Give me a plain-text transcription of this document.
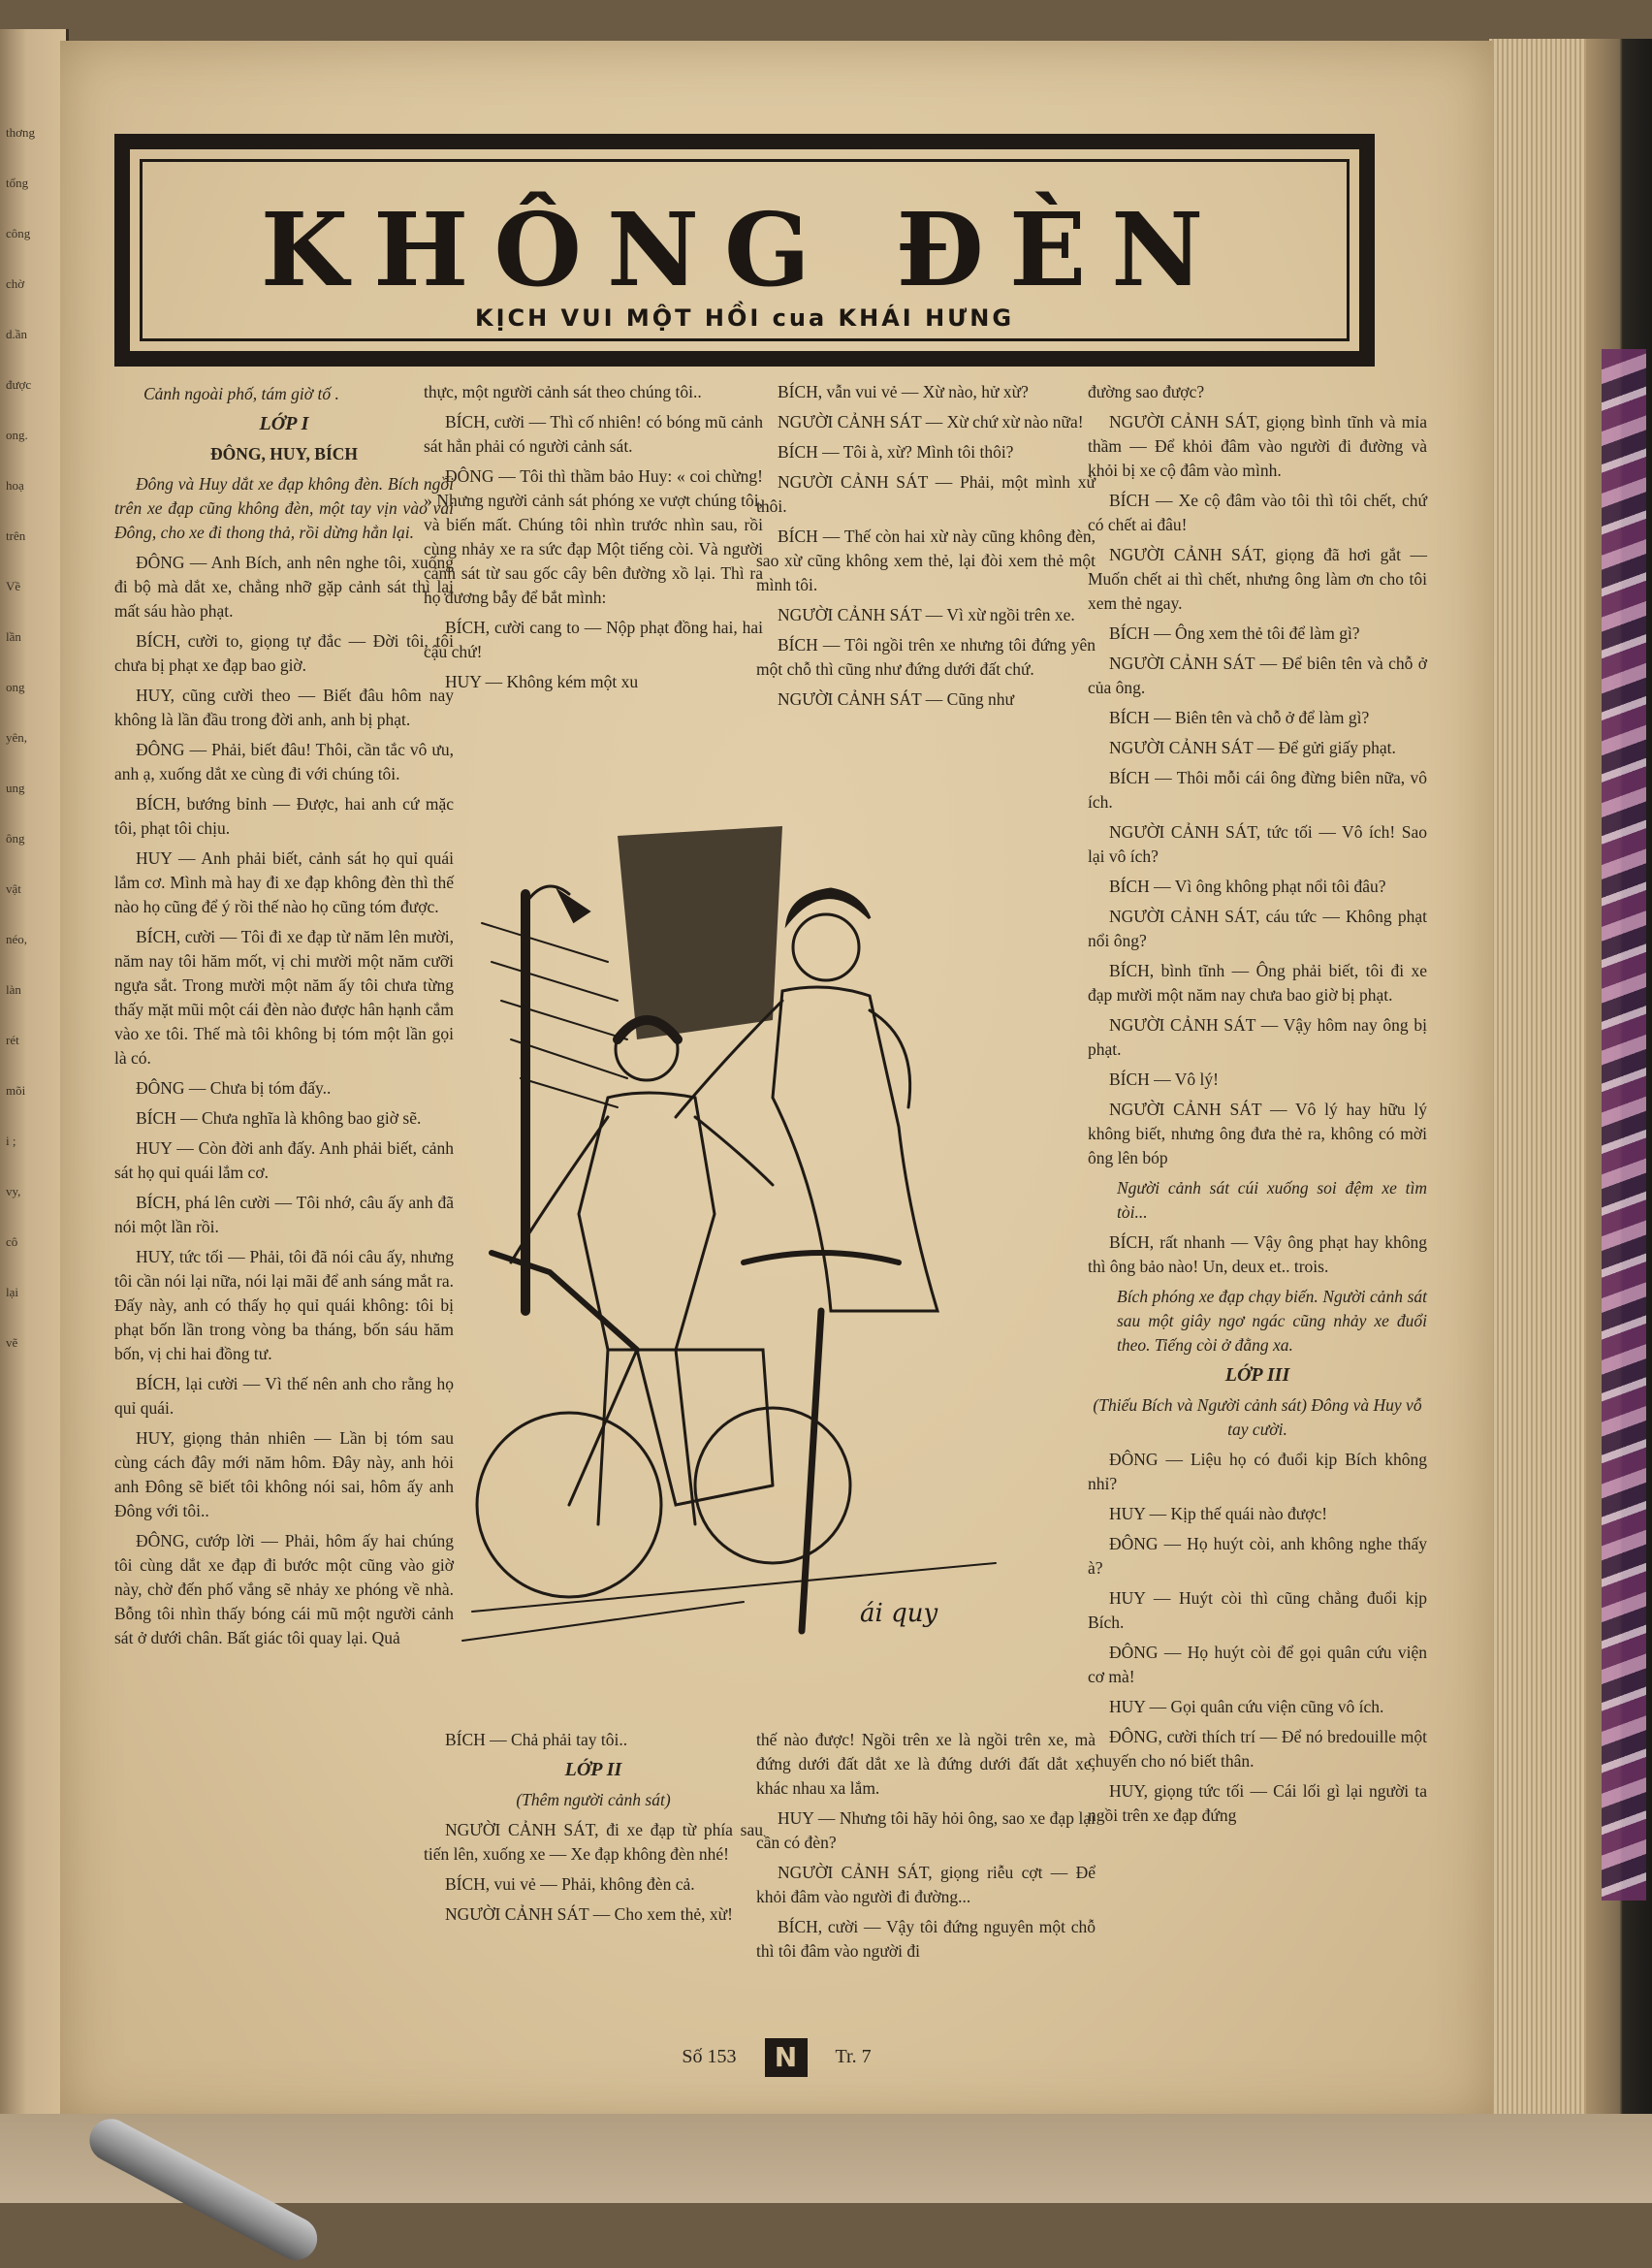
thơng
tổng
công
chờ
d.ần
được
ong.
hoạ
trên
Về
lần
ong
yên,
ung
ông
vật
néo,
làn
rét
mõi
i ;
vy,
cô
lại
vẽ
KHÔNG ĐÈN
KỊCH VUI MỘT HỒI cua KHÁI HƯNG

Cảnh ngoài phố, tám giờ tố .

LỚP I

ĐÔNG, HUY, BÍCH

Đông và Huy dắt xe đạp không đèn. Bích ngồi trên xe đạp cũng không đèn, một tay vịn vào vai Đông, cho xe đi thong thả, rồi dừng hẳn lại.

ĐÔNG — Anh Bích, anh nên nghe tôi, xuống đi bộ mà dắt xe, chẳng nhỡ gặp cảnh sát thì lại mất sáu hào phạt.

BÍCH, cười to, giọng tự đắc — Đời tôi, tôi chưa bị phạt xe đạp bao giờ.

HUY, cũng cười theo — Biết đâu hôm nay không là lần đầu trong đời anh, anh bị phạt.

ĐÔNG — Phải, biết đâu! Thôi, cần tắc vô ưu, anh ạ, xuống dắt xe cùng đi với chúng tôi.

BÍCH, bướng bỉnh — Được, hai anh cứ mặc tôi, phạt tôi chịu.

HUY — Anh phải biết, cảnh sát họ quỉ quái lắm cơ. Mình mà hay đi xe đạp không đèn thì thế nào họ cũng để ý rồi thế nào họ cũng tóm được.

BÍCH, cười — Tôi đi xe đạp từ năm lên mười, năm nay tôi hăm mốt, vị chi mười một năm cưỡi ngựa sắt. Trong mười một năm ấy tôi chưa từng thấy mặt mũi một cái đèn nào được hân hạnh cắm vào xe tôi. Thế mà tôi không bị tóm một lần gọi là có.

ĐÔNG — Chưa bị tóm đấy..

BÍCH — Chưa nghĩa là không bao giờ sẽ.

HUY — Còn đời anh đấy. Anh phải biết, cảnh sát họ quỉ quái lắm cơ.

BÍCH, phá lên cười — Tôi nhớ, câu ấy anh đã nói một lần rồi.

HUY, tức tối — Phải, tôi đã nói câu ấy, nhưng tôi cần nói lại nữa, nói lại mãi để anh sáng mắt ra. Đấy này, anh có thấy họ quỉ quái không: tôi bị phạt bốn lần trong vòng ba tháng, bốn sáu hăm bốn, vị chi hai đồng tư.

BÍCH, lại cười — Vì thế nên anh cho rằng họ quỉ quái.

HUY, giọng thản nhiên — Lần bị tóm sau cùng cách đây mới năm hôm. Đây này, anh hỏi anh Đông sẽ biết tôi không nói sai, hôm ấy anh Đông với tôi..

ĐÔNG, cướp lời — Phải, hôm ấy hai chúng tôi cùng dắt xe đạp đi bước một cũng vào giờ này, chờ đến phố vắng sẽ nhảy xe phóng về nhà. Bỗng tôi nhìn thấy bóng cái mũ một người cảnh sát ở dưới chân. Bất giác tôi quay lại. Quả

thực, một người cảnh sát theo chúng tôi..

BÍCH, cười — Thì cố nhiên! có bóng mũ cảnh sát hẳn phải có người cảnh sát.

ĐÔNG — Tôi thì thầm bảo Huy: « coi chừng! » Nhưng người cảnh sát phóng xe vượt chúng tôi, và biến mất. Chúng tôi nhìn trước nhìn sau, rồi cùng nhảy xe ra sức đạp Một tiếng còi. Và người cảnh sát từ sau gốc cây bên đường xồ lại. Thì ra họ đương bẫy để bắt mình:

BÍCH, cười cang to — Nộp phạt đồng hai, hai cậu chứ!

HUY — Không kém một xu

BÍCH — Chả phải tay tôi..

LỚP II

(Thêm người cảnh sát)

NGƯỜI CẢNH SÁT, đi xe đạp từ phía sau tiến lên, xuống xe — Xe đạp không đèn nhé!

BÍCH, vui vẻ — Phải, không đèn cả.

NGƯỜI CẢNH SÁT — Cho xem thẻ, xừ!

BÍCH, vẫn vui vẻ — Xừ nào, hử xừ?

NGƯỜI CẢNH SÁT — Xừ chứ xừ nào nữa!

BÍCH — Tôi à, xừ? Mình tôi thôi?

NGƯỜI CẢNH SÁT — Phải, một mình xừ thôi.

BÍCH — Thế còn hai xừ này cũng không đèn, sao xừ cũng không xem thẻ, lại đòi xem thẻ một mình tôi.

NGƯỜI CẢNH SÁT — Vì xừ ngồi trên xe.

BÍCH — Tôi ngồi trên xe nhưng tôi đứng yên một chỗ thì cũng như đứng dưới đất chứ.

NGƯỜI CẢNH SÁT — Cũng như

thế nào được! Ngồi trên xe là ngồi trên xe, mà đứng dưới đất dắt xe là đứng dưới đất dắt xe, khác nhau xa lắm.

HUY — Nhưng tôi hãy hỏi ông, sao xe đạp lại cần có đèn?

NGƯỜI CẢNH SÁT, giọng riễu cợt — Để khỏi đâm vào người đi đường...

BÍCH, cười — Vậy tôi đứng nguyên một chỗ thì tôi đâm vào người đi

đường sao được?

NGƯỜI CẢNH SÁT, giọng bình tĩnh và mỉa thầm — Để khỏi đâm vào người đi đường và khỏi bị xe cộ đâm vào mình.

BÍCH — Xe cộ đâm vào tôi thì tôi chết, chứ có chết ai đâu!

NGƯỜI CẢNH SÁT, giọng đã hơi gắt — Muốn chết ai thì chết, nhưng ông làm ơn cho tôi xem thẻ ngay.

BÍCH — Ông xem thẻ tôi để làm gì?

NGƯỜI CẢNH SÁT — Để biên tên và chỗ ở của ông.

BÍCH — Biên tên và chỗ ở để làm gì?

NGƯỜI CẢNH SÁT — Để gửi giấy phạt.

BÍCH — Thôi mỗi cái ông đừng biên nữa, vô ích.

NGƯỜI CẢNH SÁT, tức tối — Vô ích! Sao lại vô ích?

BÍCH — Vì ông không phạt nổi tôi đâu?

NGƯỜI CẢNH SÁT, cáu tức — Không phạt nổi ông?

BÍCH, bình tĩnh — Ông phải biết, tôi đi xe đạp mười một năm nay chưa bao giờ bị phạt.

NGƯỜI CẢNH SÁT — Vậy hôm nay ông bị phạt.

BÍCH — Vô lý!

NGƯỜI CẢNH SÁT — Vô lý hay hữu lý không biết, nhưng ông đưa thẻ ra, không có mời ông lên bóp

Người cảnh sát cúi xuống soi đệm xe tìm tòi...

BÍCH, rất nhanh — Vậy ông phạt hay không thì ông bảo nào! Un, deux et.. trois.

Bích phóng xe đạp chạy biến. Người cảnh sát sau một giây ngơ ngác cũng nhảy xe đuổi theo. Tiếng còi ở đằng xa.

LỚP III

(Thiếu Bích và Người cảnh sát) Đông và Huy vỗ tay cười.

ĐÔNG — Liệu họ có đuổi kịp Bích không nhỉ?

HUY — Kịp thế quái nào được!

ĐÔNG — Họ huýt còi, anh không nghe thấy à?

HUY — Huýt còi thì cũng chẳng đuổi kịp Bích.

ĐÔNG — Họ huýt còi để gọi quân cứu viện cơ mà!

HUY — Gọi quân cứu viện cũng vô ích.

ĐÔNG, cười thích trí — Để nó bredouille một chuyến cho nó biết thân.

HUY, giọng tức tối — Cái lối gì lại người ta ngồi trên xe đạp đứng

ái quy
Số 153 N Tr. 7
